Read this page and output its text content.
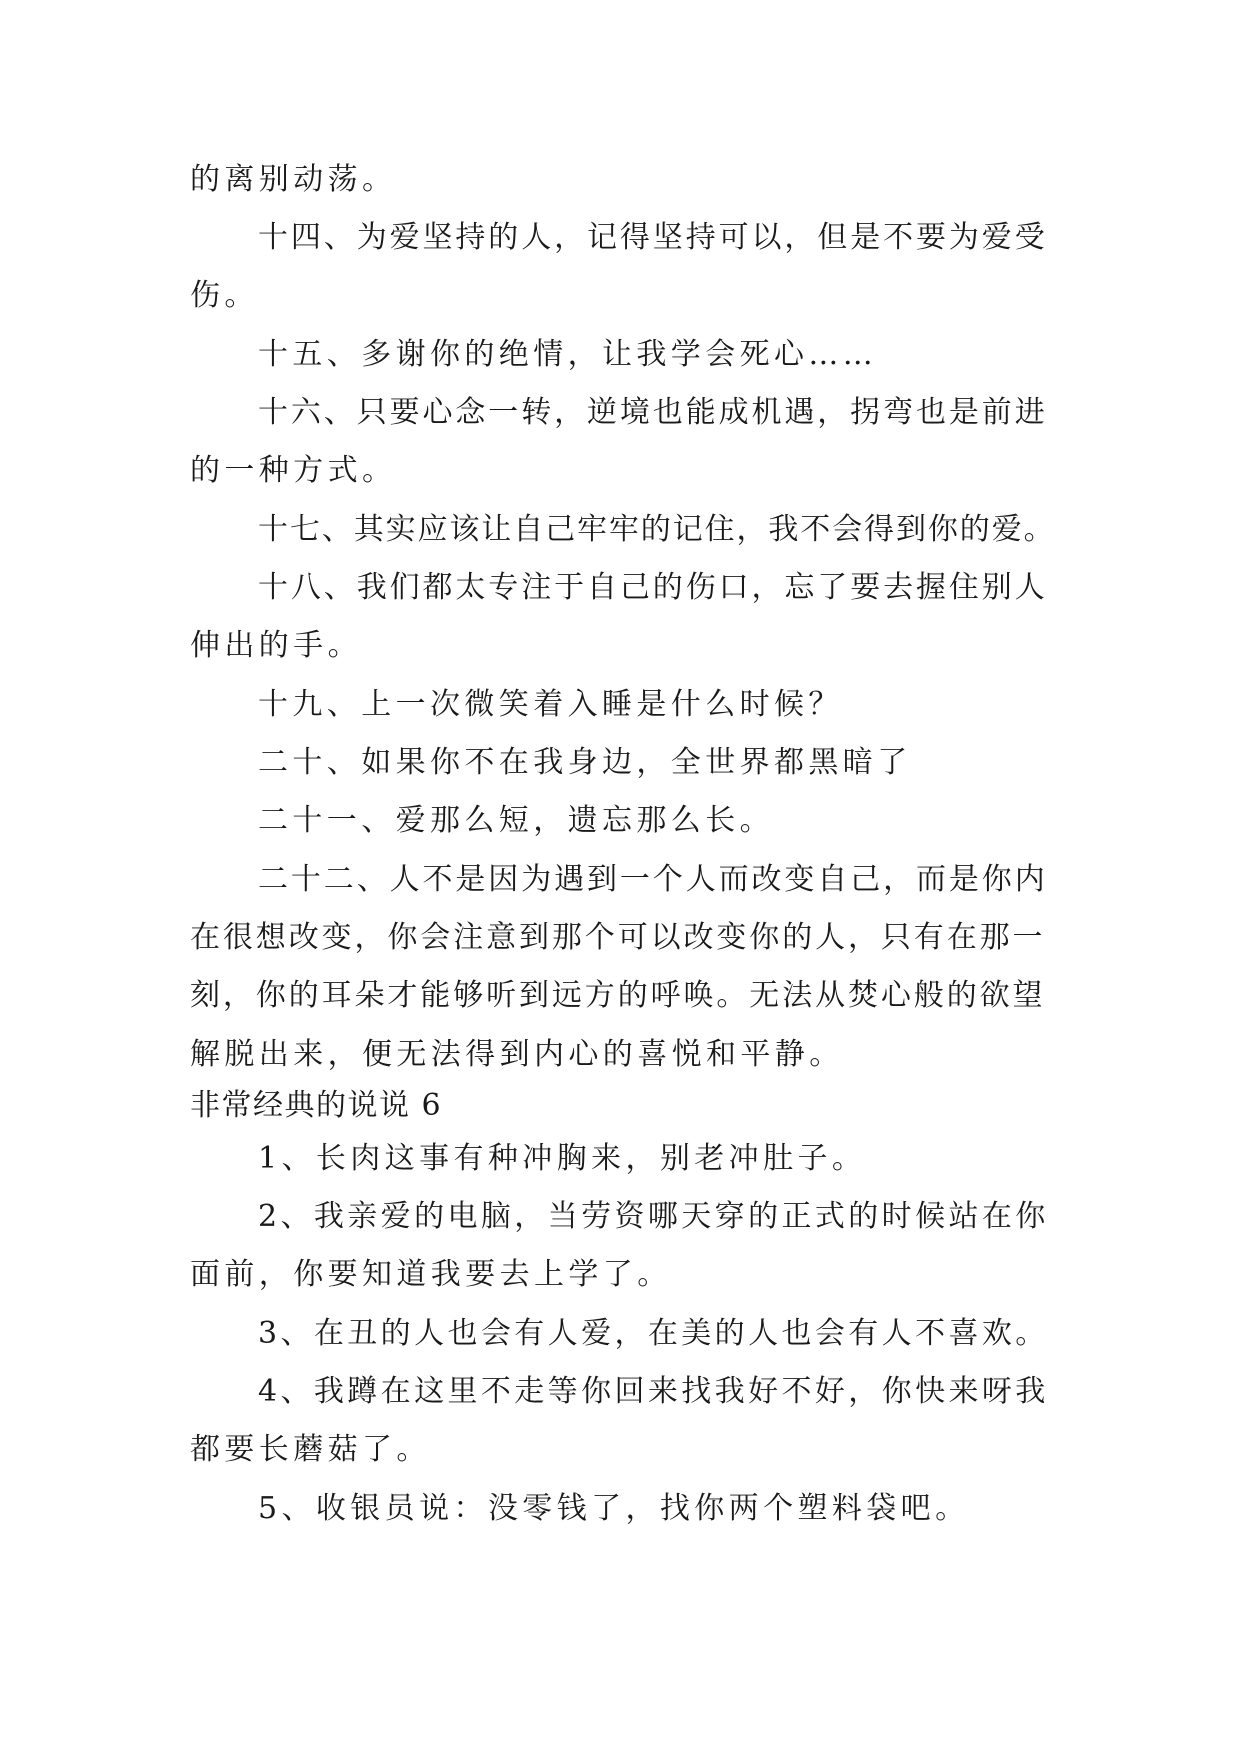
的离别动荡。
十四、为爱坚持的人，记得坚持可以，但是不要为爱受
伤。
十五、多谢你的绝情，让我学会死心……
十六、只要心念一转，逆境也能成机遇，拐弯也是前进
的一种方式。
十七、其实应该让自己牢牢的记住，我不会得到你的爱。
十八、我们都太专注于自己的伤口，忘了要去握住别人
伸出的手。
十九、上一次微笑着入睡是什么时候？
二十、如果你不在我身边，全世界都黑暗了
二十一、爱那么短，遗忘那么长。
二十二、人不是因为遇到一个人而改变自己，而是你内
在很想改变，你会注意到那个可以改变你的人，只有在那一
刻，你的耳朵才能够听到远方的呼唤。无法从焚心般的欲望
解脱出来，便无法得到内心的喜悦和平静。
非常经典的说说 6
1、长肉这事有种冲胸来，别老冲肚子。
2、我亲爱的电脑，当劳资哪天穿的正式的时候站在你
面前，你要知道我要去上学了。
3、在丑的人也会有人爱，在美的人也会有人不喜欢。
4、我蹲在这里不走等你回来找我好不好，你快来呀我
都要长蘑菇了。
5、收银员说：没零钱了，找你两个塑料袋吧。
